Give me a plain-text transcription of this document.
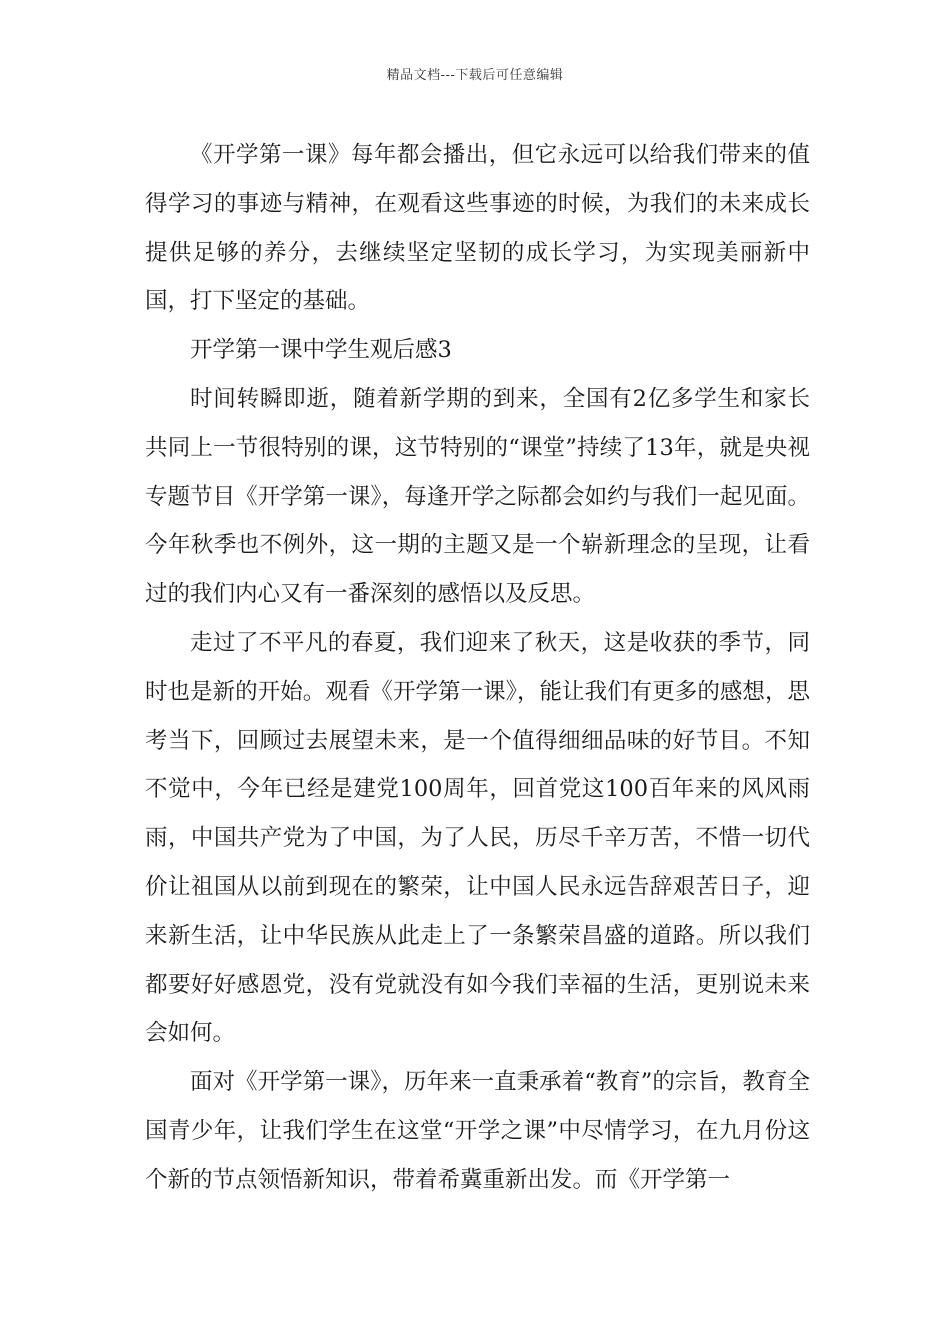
精品文档---下载后可任意编辑

《开学第一课》每年都会播出，但它永远可以给我们带来的值得学习的事迹与精神，在观看这些事迹的时候，为我们的未来成长提供足够的养分，去继续坚定坚韧的成长学习，为实现美丽新中国，打下坚定的基础。

开学第一课中学生观后感3

时间转瞬即逝，随着新学期的到来，全国有2亿多学生和家长共同上一节很特别的课，这节特别的“课堂”持续了13年，就是央视专题节目《开学第一课》，每逢开学之际都会如约与我们一起见面。今年秋季也不例外，这一期的主题又是一个崭新理念的呈现，让看过的我们内心又有一番深刻的感悟以及反思。

走过了不平凡的春夏，我们迎来了秋天，这是收获的季节，同时也是新的开始。观看《开学第一课》，能让我们有更多的感想，思考当下，回顾过去展望未来，是一个值得细细品味的好节目。不知不觉中，今年已经是建党100周年，回首党这100百年来的风风雨雨，中国共产党为了中国，为了人民，历尽千辛万苦，不惜一切代价让祖国从以前到现在的繁荣，让中国人民永远告辞艰苦日子，迎来新生活，让中华民族从此走上了一条繁荣昌盛的道路。所以我们都要好好感恩党，没有党就没有如今我们幸福的生活，更别说未来会如何。

面对《开学第一课》，历年来一直秉承着“教育”的宗旨，教育全国青少年，让我们学生在这堂“开学之课”中尽情学习，在九月份这个新的节点领悟新知识，带着希冀重新出发。而《开学第一
